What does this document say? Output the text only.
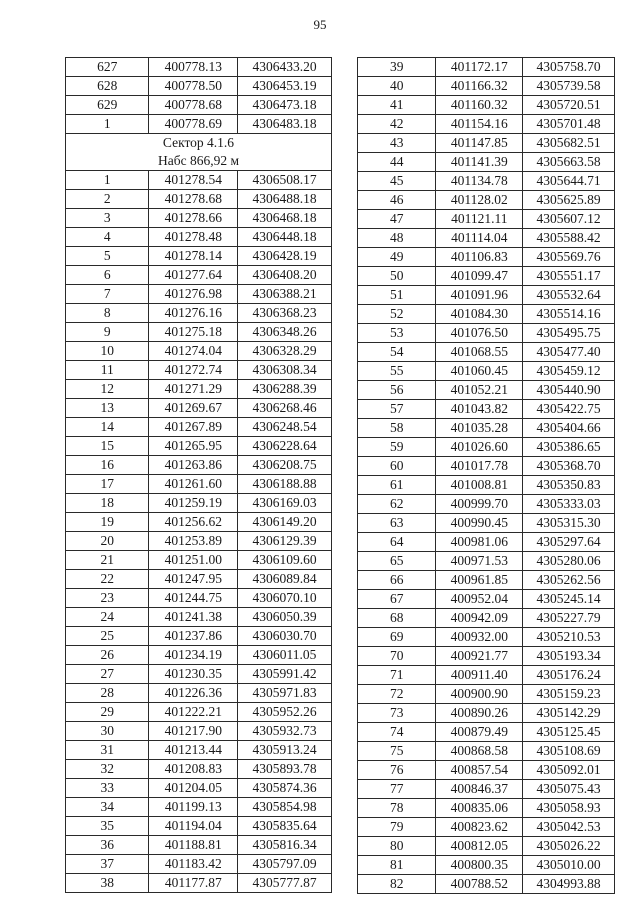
95
627	400778.13	4306433.20
628	400778.50	4306453.19
629	400778.68	4306473.18
1	400778.69	4306483.18

Сектор 4.1.6
Набс 866,92 м		

1	401278.54	4306508.17
2	401278.68	4306488.18
3	401278.66	4306468.18
4	401278.48	4306448.18
5	401278.14	4306428.19
6	401277.64	4306408.20
7	401276.98	4306388.21
8	401276.16	4306368.23
9	401275.18	4306348.26
10	401274.04	4306328.29
11	401272.74	4306308.34
12	401271.29	4306288.39
13	401269.67	4306268.46
14	401267.89	4306248.54
15	401265.95	4306228.64
16	401263.86	4306208.75
17	401261.60	4306188.88
18	401259.19	4306169.03
19	401256.62	4306149.20
20	401253.89	4306129.39
21	401251.00	4306109.60
22	401247.95	4306089.84
23	401244.75	4306070.10
24	401241.38	4306050.39
25	401237.86	4306030.70
26	401234.19	4306011.05
27	401230.35	4305991.42
28	401226.36	4305971.83
29	401222.21	4305952.26
30	401217.90	4305932.73
31	401213.44	4305913.24
32	401208.83	4305893.78
33	401204.05	4305874.36
34	401199.13	4305854.98
35	401194.04	4305835.64
36	401188.81	4305816.34
37	401183.42	4305797.09
38	401177.87	4305777.87
39	401172.17	4305758.70
40	401166.32	4305739.58
41	401160.32	4305720.51
42	401154.16	4305701.48
43	401147.85	4305682.51
44	401141.39	4305663.58
45	401134.78	4305644.71
46	401128.02	4305625.89
47	401121.11	4305607.12
48	401114.04	4305588.42
49	401106.83	4305569.76
50	401099.47	4305551.17
51	401091.96	4305532.64
52	401084.30	4305514.16
53	401076.50	4305495.75
54	401068.55	4305477.40
55	401060.45	4305459.12
56	401052.21	4305440.90
57	401043.82	4305422.75
58	401035.28	4305404.66
59	401026.60	4305386.65
60	401017.78	4305368.70
61	401008.81	4305350.83
62	400999.70	4305333.03
63	400990.45	4305315.30
64	400981.06	4305297.64
65	400971.53	4305280.06
66	400961.85	4305262.56
67	400952.04	4305245.14
68	400942.09	4305227.79
69	400932.00	4305210.53
70	400921.77	4305193.34
71	400911.40	4305176.24
72	400900.90	4305159.23
73	400890.26	4305142.29
74	400879.49	4305125.45
75	400868.58	4305108.69
76	400857.54	4305092.01
77	400846.37	4305075.43
78	400835.06	4305058.93
79	400823.62	4305042.53
80	400812.05	4305026.22
81	400800.35	4305010.00
82	400788.52	4304993.88
